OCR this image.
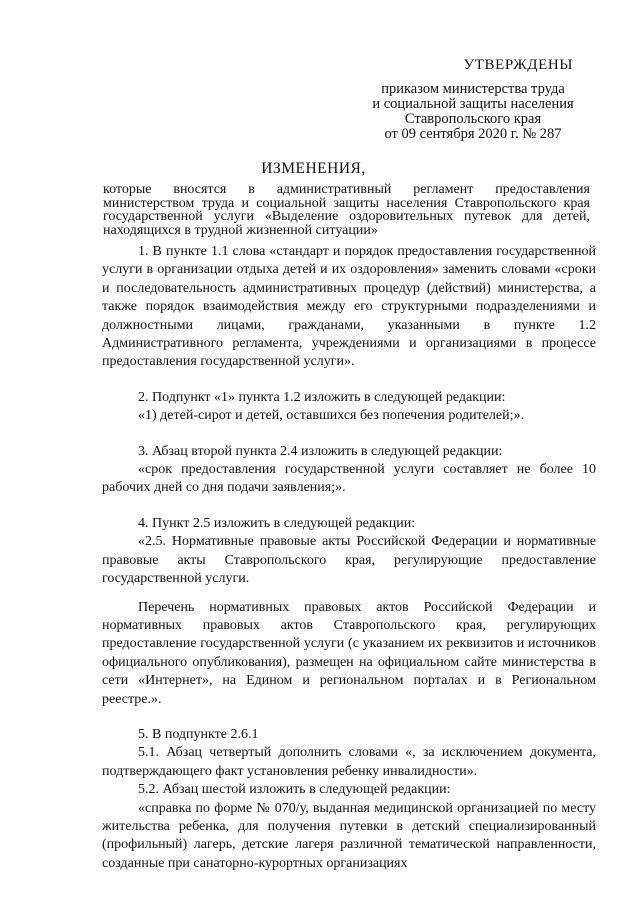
УТВЕРЖДЕНЫ
приказом министерства труда
и социальной защиты населения
Ставропольского края
от 09 сентября 2020 г. № 287
ИЗМЕНЕНИЯ,
которые вносятся в административный регламент предоставления министерством труда и социальной защиты населения Ставропольского края государственной услуги «Выделение оздоровительных путевок для детей, находящихся в трудной жизненной ситуации»

1. В пункте 1.1 слова «стандарт и порядок предоставления государственной услуги в организации отдыха детей и их оздоровления» заменить словами «сроки и последовательность административных процедур (действий) министерства, а также порядок взаимодействия между его структурными подразделениями и должностными лицами, гражданами, указанными в пункте 1.2 Административного регламента, учреждениями и организациями в процессе предоставления государственной услуги».

2. Подпункт «1» пункта 1.2 изложить в следующей редакции:

«1) детей-сирот и детей, оставшихся без попечения родителей;».

3. Абзац второй пункта 2.4 изложить в следующей редакции:

«срок предоставления государственной услуги составляет не более 10 рабочих дней со дня подачи заявления;».

4. Пункт 2.5 изложить в следующей редакции:

«2.5. Нормативные правовые акты Российской Федерации и нормативные правовые акты Ставропольского края, регулирующие предоставление государственной услуги.

Перечень нормативных правовых актов Российской Федерации и нормативных правовых актов Ставропольского края, регулирующих предоставление государственной услуги (с указанием их реквизитов и источников официального опубликования), размещен на официальном сайте министерства в сети «Интернет», на Едином и региональном порталах и в Региональном реестре.».

5. В подпункте 2.6.1

5.1. Абзац четвертый дополнить словами «, за исключением документа, подтверждающего факт установления ребенку инвалидности».

5.2. Абзац шестой изложить в следующей редакции:

«справка по форме № 070/у, выданная медицинской организацией по месту жительства ребенка, для получения путевки в детский специализированный (профильный) лагерь, детские лагеря различной тематической направленности, созданные при санаторно-курортных организациях
